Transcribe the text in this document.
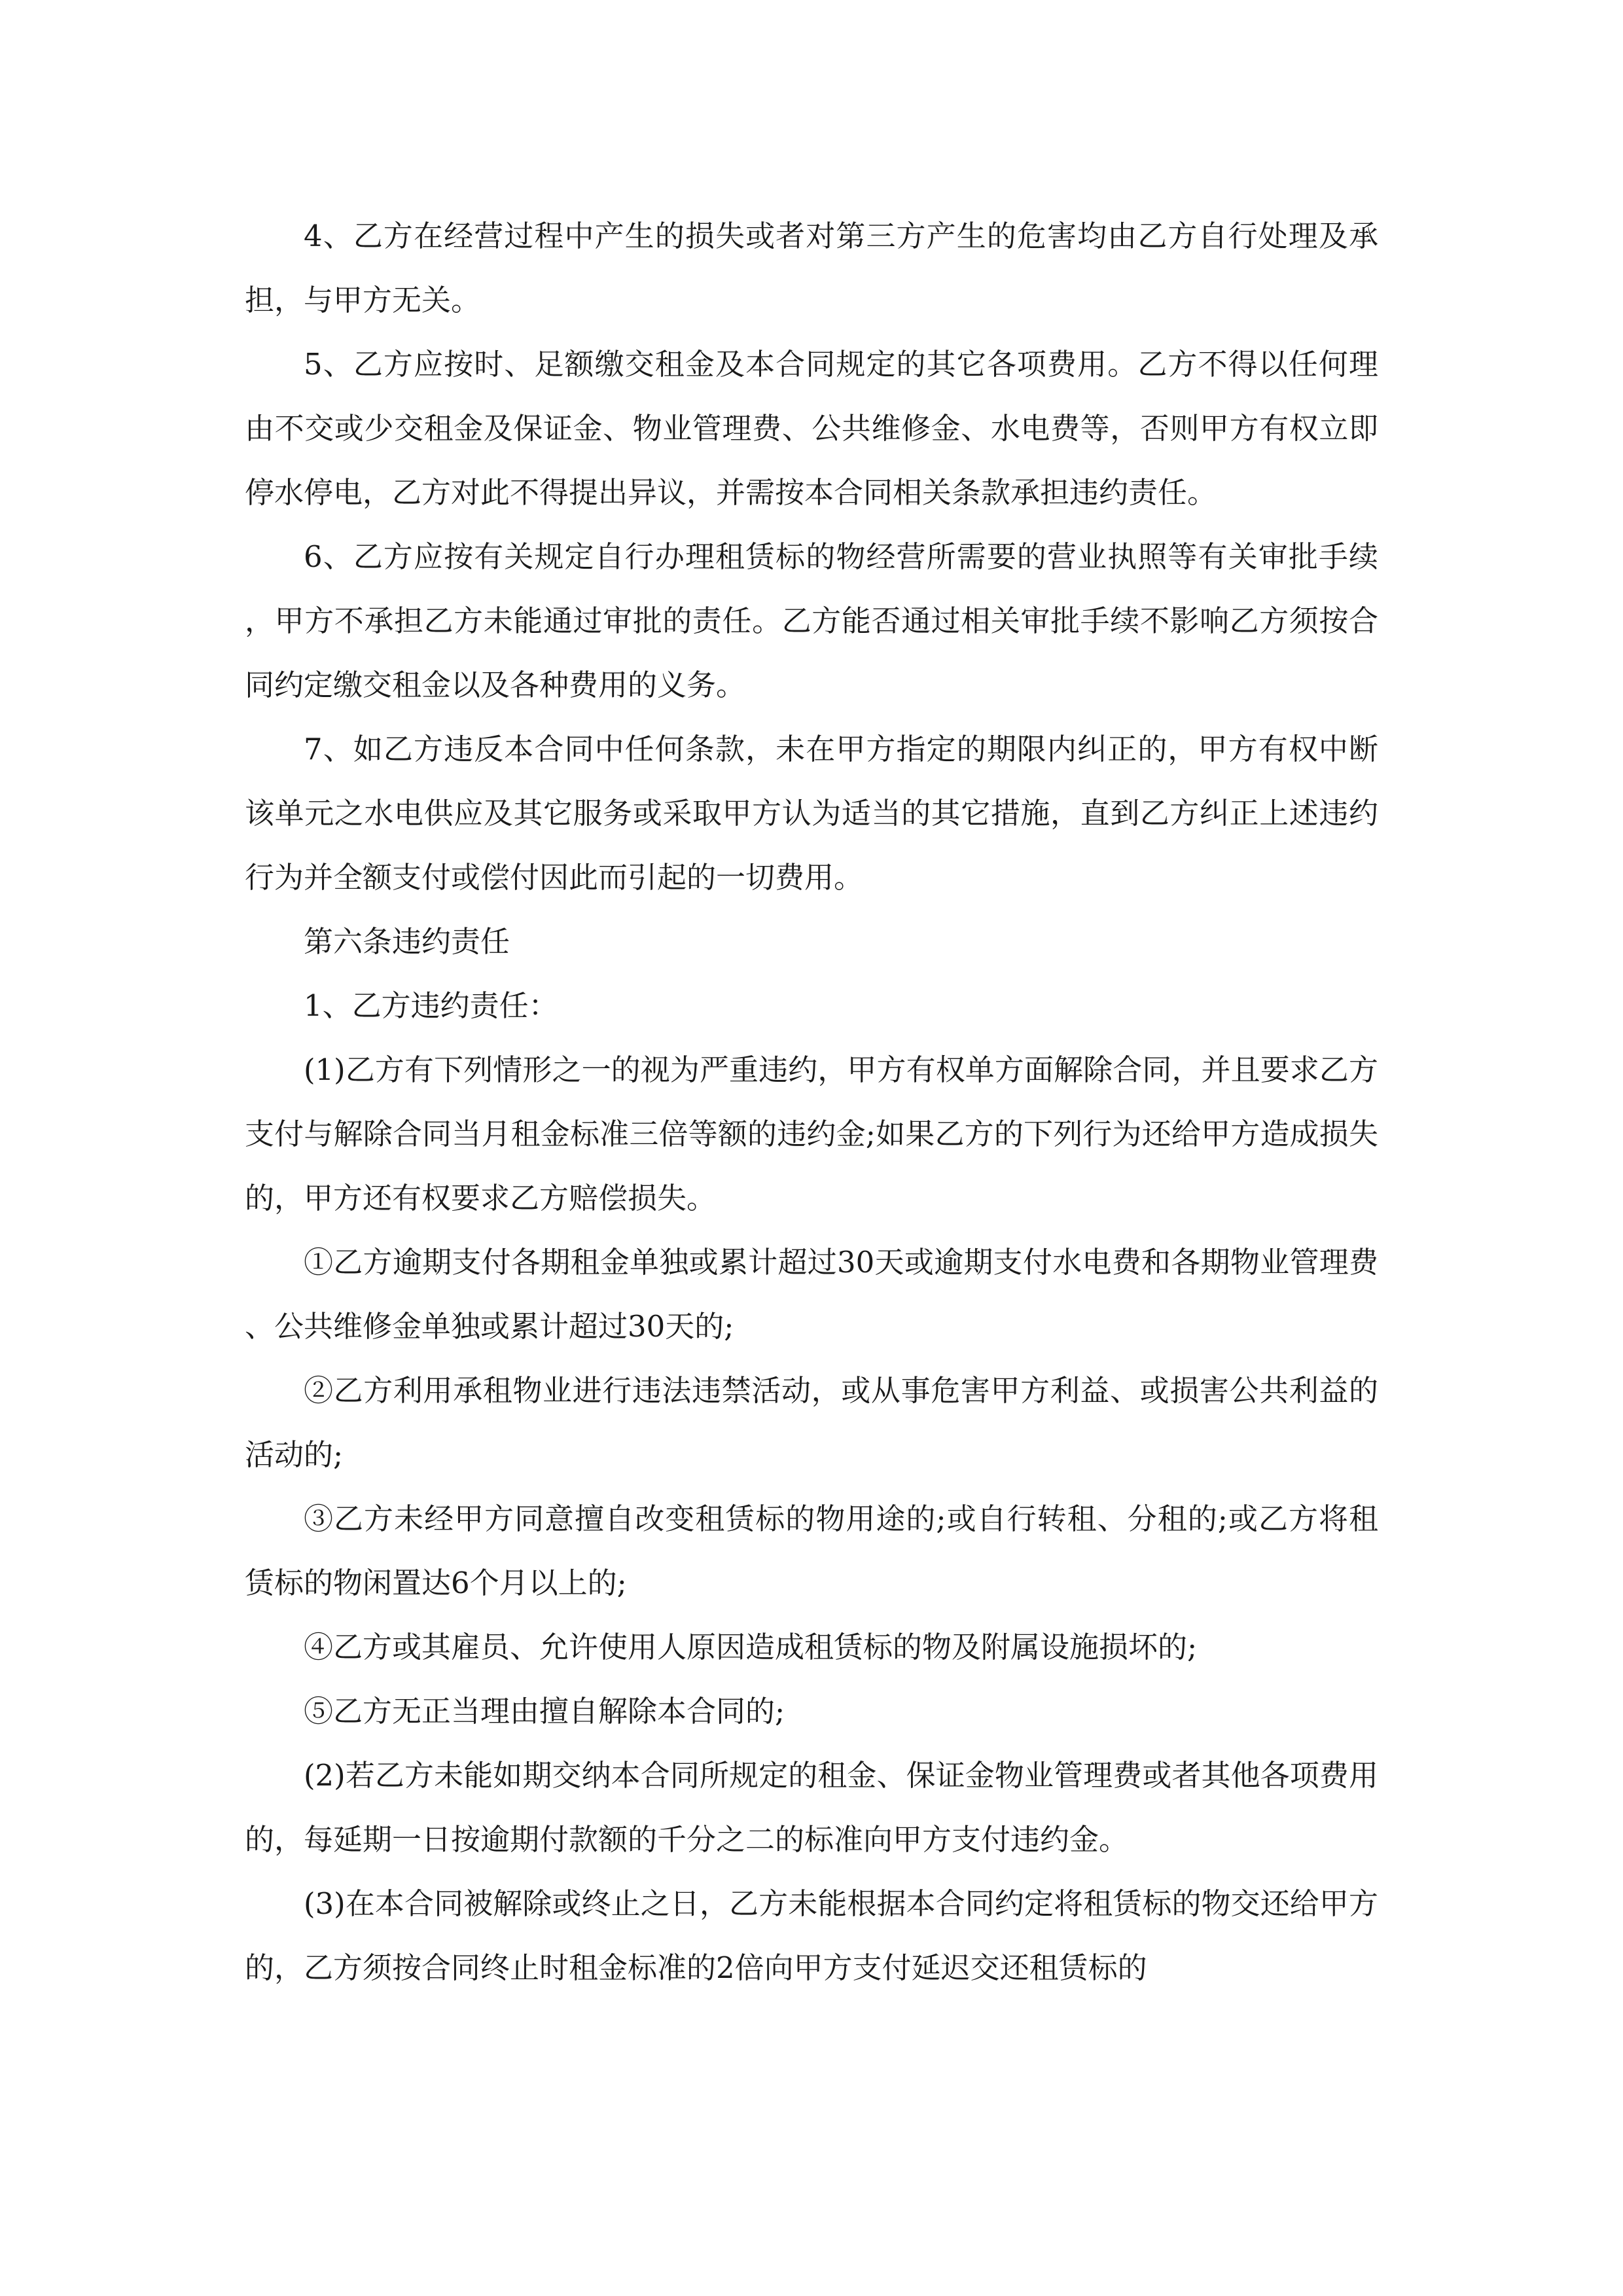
4、乙方在经营过程中产生的损失或者对第三方产生的危害均由乙方自行处理及承担，与甲方无关。

5、乙方应按时、足额缴交租金及本合同规定的其它各项费用。乙方不得以任何理由不交或少交租金及保证金、物业管理费、公共维修金、水电费等，否则甲方有权立即停水停电，乙方对此不得提出异议，并需按本合同相关条款承担违约责任。

6、乙方应按有关规定自行办理租赁标的物经营所需要的营业执照等有关审批手续，甲方不承担乙方未能通过审批的责任。乙方能否通过相关审批手续不影响乙方须按合同约定缴交租金以及各种费用的义务。

7、如乙方违反本合同中任何条款，未在甲方指定的期限内纠正的，甲方有权中断该单元之水电供应及其它服务或采取甲方认为适当的其它措施，直到乙方纠正上述违约行为并全额支付或偿付因此而引起的一切费用。

第六条违约责任

1、乙方违约责任：

(1)乙方有下列情形之一的视为严重违约，甲方有权单方面解除合同，并且要求乙方支付与解除合同当月租金标准三倍等额的违约金;如果乙方的下列行为还给甲方造成损失的，甲方还有权要求乙方赔偿损失。

①乙方逾期支付各期租金单独或累计超过30天或逾期支付水电费和各期物业管理费、公共维修金单独或累计超过30天的;

②乙方利用承租物业进行违法违禁活动，或从事危害甲方利益、或损害公共利益的活动的;

③乙方未经甲方同意擅自改变租赁标的物用途的;或自行转租、分租的;或乙方将租赁标的物闲置达6个月以上的;

④乙方或其雇员、允许使用人原因造成租赁标的物及附属设施损坏的;

⑤乙方无正当理由擅自解除本合同的;

(2)若乙方未能如期交纳本合同所规定的租金、保证金物业管理费或者其他各项费用的，每延期一日按逾期付款额的千分之二的标准向甲方支付违约金。

(3)在本合同被解除或终止之日，乙方未能根据本合同约定将租赁标的物交还给甲方的，乙方须按合同终止时租金标准的2倍向甲方支付延迟交还租赁标的
